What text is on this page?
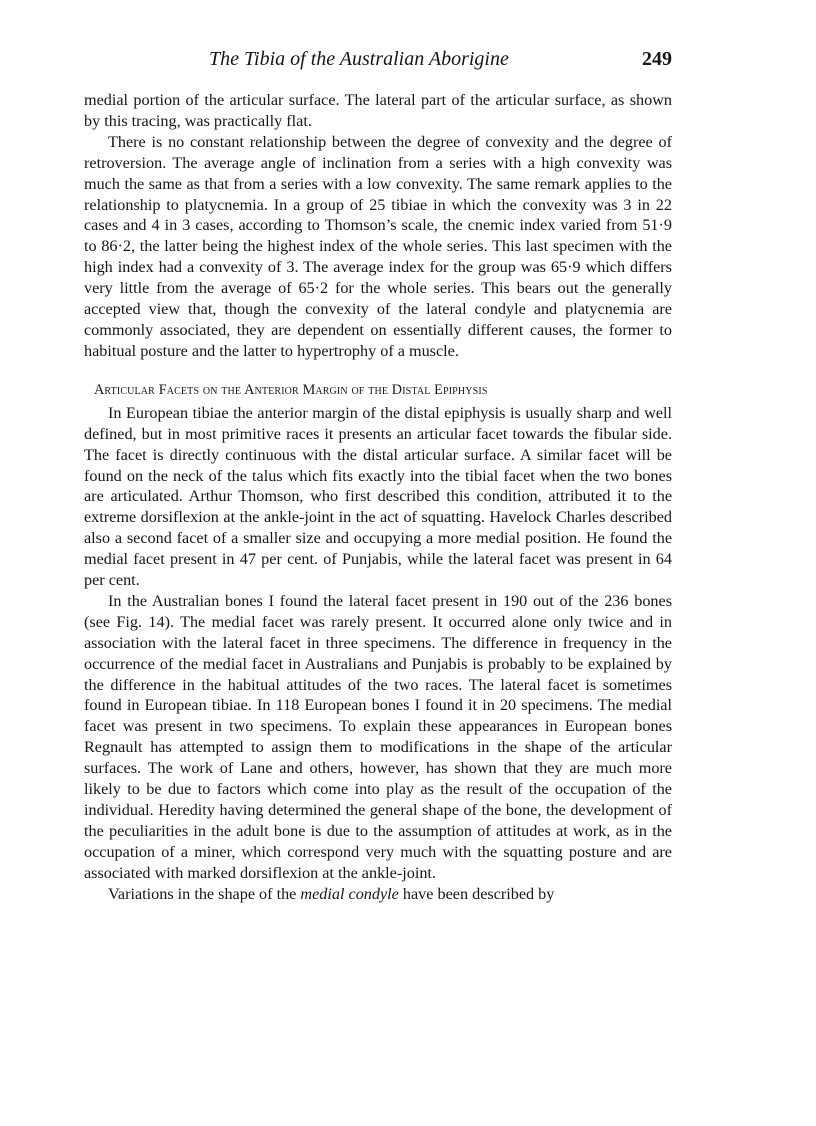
The Tibia of the Australian Aborigine	249

medial portion of the articular surface. The lateral part of the articular surface, as shown by this tracing, was practically flat.

There is no constant relationship between the degree of convexity and the degree of retroversion. The average angle of inclination from a series with a high convexity was much the same as that from a series with a low convexity. The same remark applies to the relationship to platycnemia. In a group of 25 tibiae in which the convexity was 3 in 22 cases and 4 in 3 cases, according to Thomson’s scale, the cnemic index varied from 51·9 to 86·2, the latter being the highest index of the whole series. This last specimen with the high index had a convexity of 3. The average index for the group was 65·9 which differs very little from the average of 65·2 for the whole series. This bears out the generally accepted view that, though the convexity of the lateral condyle and platycnemia are commonly associated, they are dependent on essentially different causes, the former to habitual posture and the latter to hypertrophy of a muscle.

Articular Facets on the Anterior Margin of the Distal Epiphysis

In European tibiae the anterior margin of the distal epiphysis is usually sharp and well defined, but in most primitive races it presents an articular facet towards the fibular side. The facet is directly continuous with the distal articular surface. A similar facet will be found on the neck of the talus which fits exactly into the tibial facet when the two bones are articulated. Arthur Thomson, who first described this condition, attributed it to the extreme dorsiflexion at the ankle-joint in the act of squatting. Havelock Charles described also a second facet of a smaller size and occupying a more medial position. He found the medial facet present in 47 per cent. of Punjabis, while the lateral facet was present in 64 per cent.

In the Australian bones I found the lateral facet present in 190 out of the 236 bones (see Fig. 14). The medial facet was rarely present. It occurred alone only twice and in association with the lateral facet in three specimens. The difference in frequency in the occurrence of the medial facet in Australians and Punjabis is probably to be explained by the difference in the habitual attitudes of the two races. The lateral facet is sometimes found in European tibiae. In 118 European bones I found it in 20 specimens. The medial facet was present in two specimens. To explain these appearances in European bones Regnault has attempted to assign them to modifications in the shape of the articular surfaces. The work of Lane and others, however, has shown that they are much more likely to be due to factors which come into play as the result of the occupation of the individual. Heredity having determined the general shape of the bone, the development of the peculiarities in the adult bone is due to the assumption of attitudes at work, as in the occupation of a miner, which correspond very much with the squatting posture and are associated with marked dorsiflexion at the ankle-joint.

Variations in the shape of the medial condyle have been described by
